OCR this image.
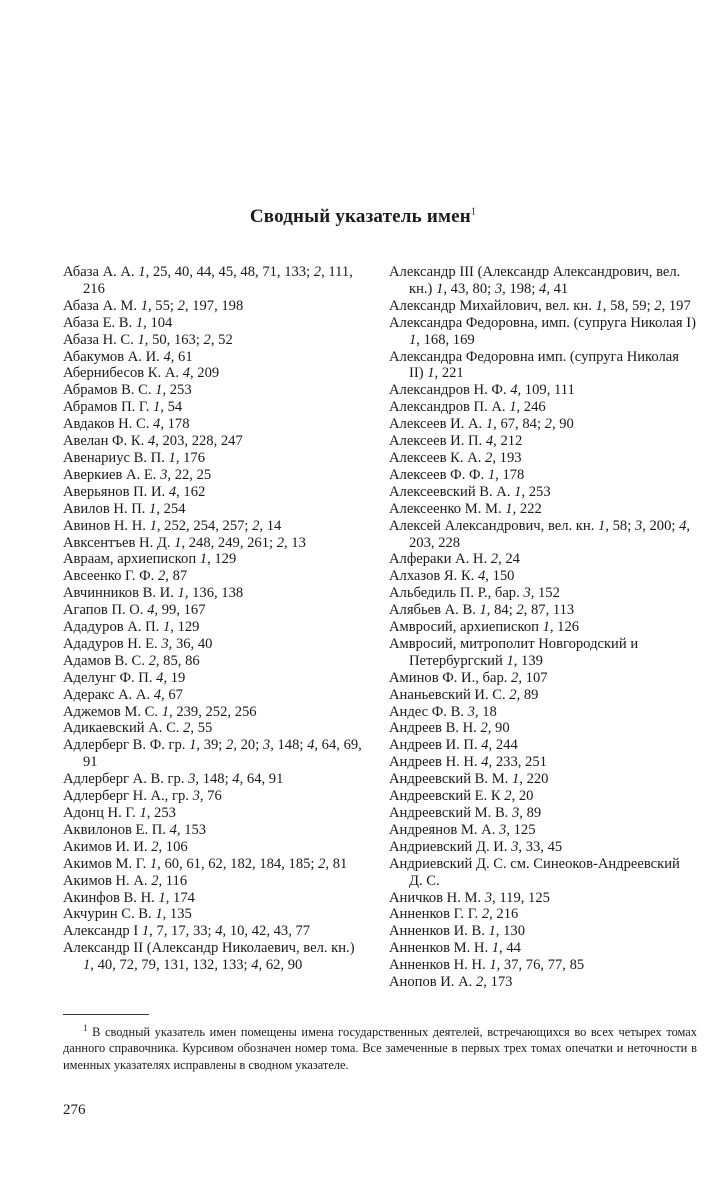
Сводный указатель имен$^1$
Абаза А. А. 1, 25, 40, 44, 45, 48, 71, 133; 2, 111, 216
Абаза А. М. 1, 55; 2, 197, 198
Абаза Е. В. 1, 104
Абаза Н. С. 1, 50, 163; 2, 52
Абакумов А. И. 4, 61
Абернибесов К. А. 4, 209
Абрамов В. С. 1, 253
Абрамов П. Г. 1, 54
Авдаков Н. С. 4, 178
Авелан Ф. К. 4, 203, 228, 247
Авенариус В. П. 1, 176
Аверкиев А. Е. 3, 22, 25
Аверьянов П. И. 4, 162
Авилов Н. П. 1, 254
Авинов Н. Н. 1, 252, 254, 257; 2, 14
Авксентъев Н. Д. 1, 248, 249, 261; 2, 13
Авраам, архиепископ 1, 129
Авсеенко Г. Ф. 2, 87
Авчинников В. И. 1, 136, 138
Агапов П. О. 4, 99, 167
Ададуров А. П. 1, 129
Ададуров Н. Е. 3, 36, 40
Адамов В. С. 2, 85, 86
Аделунг Ф. П. 4, 19
Адеракс А. А. 4, 67
Аджемов М. С. 1, 239, 252, 256
Адикаевский А. С. 2, 55
Адлерберг В. Ф. гр. 1, 39; 2, 20; 3, 148; 4, 64, 69, 91
Адлерберг А. В. гр. 3, 148; 4, 64, 91
Адлерберг Н. А., гр. 3, 76
Адонц Н. Г. 1, 253
Аквилонов Е. П. 4, 153
Акимов И. И. 2, 106
Акимов М. Г. 1, 60, 61, 62, 182, 184, 185; 2, 81
Акимов Н. А. 2, 116
Акинфов В. Н. 1, 174
Акчурин С. В. 1, 135
Александр I 1, 7, 17, 33; 4, 10, 42, 43, 77
Александр II (Александр Николаевич, вел. кн.) 1, 40, 72, 79, 131, 132, 133; 4, 62, 90
Александр III (Александр Александрович, вел. кн.) 1, 43, 80; 3, 198; 4, 41
Александр Михайлович, вел. кн. 1, 58, 59; 2, 197
Александра Федоровна, имп. (супруга Николая I) 1, 168, 169
Александра Федоровна имп. (супруга Николая II) 1, 221
Александров Н. Ф. 4, 109, 111
Александров П. А. 1, 246
Алексеев И. А. 1, 67, 84; 2, 90
Алексеев И. П. 4, 212
Алексеев К. А. 2, 193
Алексеев Ф. Ф. 1, 178
Алексеевский В. А. 1, 253
Алексеенко М. М. 1, 222
Алексей Александрович, вел. кн. 1, 58; 3, 200; 4, 203, 228
Алфераки А. Н. 2, 24
Алхазов Я. К. 4, 150
Альбедиль П. Р., бар. 3, 152
Алябьев А. В. 1, 84; 2, 87, 113
Амвросий, архиепископ 1, 126
Амвросий, митрополит Новгородский и Петербургский 1, 139
Аминов Ф. И., бар. 2, 107
Ананьевский И. С. 2, 89
Андес Ф. В. 3, 18
Андреев В. Н. 2, 90
Андреев И. П. 4, 244
Андреев Н. Н. 4, 233, 251
Андреевский В. М. 1, 220
Андреевский Е. К 2, 20
Андреевский М. В. 3, 89
Андреянов М. А. 3, 125
Андриевский Д. И. 3, 33, 45
Андриевский Д. С. см. Синеоков-Андреевский Д. С.
Аничков Н. М. 3, 119, 125
Анненков Г. Г. 2, 216
Анненков И. В. 1, 130
Анненков М. Н. 1, 44
Анненков Н. Н. 1, 37, 76, 77, 85
Анопов И. А. 2, 173
$^1$ В сводный указатель имен помещены имена государственных деятелей, встречающихся во всех четырех томах данного справочника. Курсивом обозначен номер тома. Все замеченные в первых трех томах опечатки и неточности в именных указателях исправлены в сводном указателе.
276
